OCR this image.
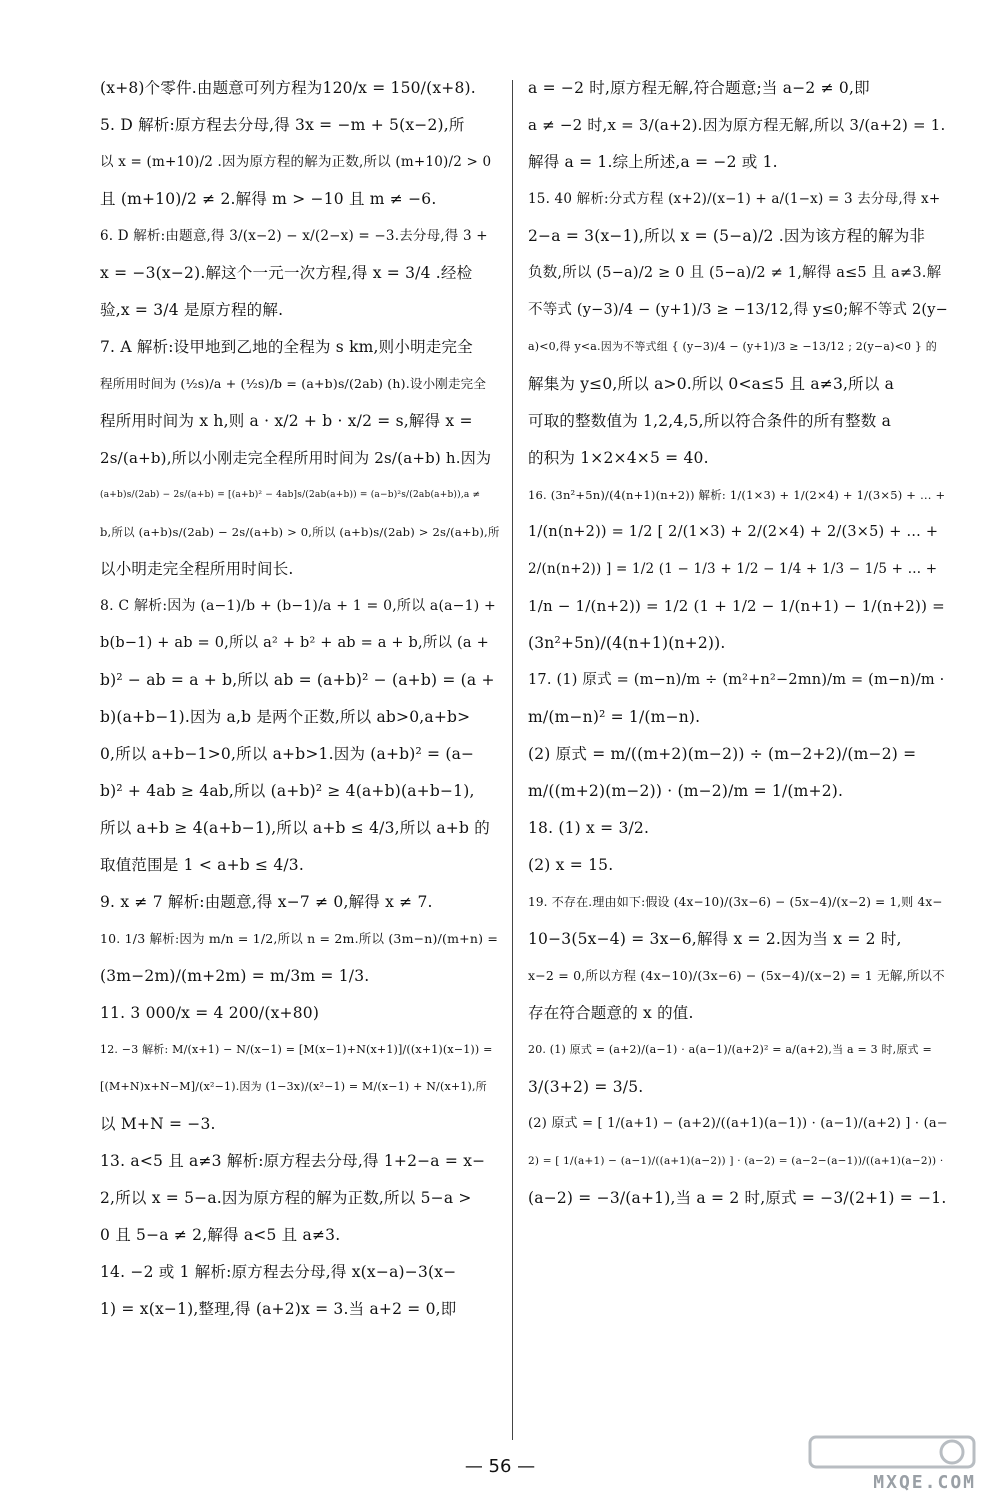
(x+8)个零件.由题意可列方程为120/x = 150/(x+8).
5. D 解析:原方程去分母,得 3x = −m + 5(x−2),所
以 x = (m+10)/2 .因为原方程的解为正数,所以 (m+10)/2 > 0
且 (m+10)/2 ≠ 2.解得 m > −10 且 m ≠ −6.
6. D 解析:由题意,得 3/(x−2) − x/(2−x) = −3.去分母,得 3 +
x = −3(x−2).解这个一元一次方程,得 x = 3/4 .经检
验,x = 3/4 是原方程的解.
7. A 解析:设甲地到乙地的全程为 s km,则小明走完全
程所用时间为 (½s)/a + (½s)/b = (a+b)s/(2ab) (h).设小刚走完全
程所用时间为 x h,则 a · x/2 + b · x/2 = s,解得 x =
2s/(a+b),所以小刚走完全程所用时间为 2s/(a+b) h.因为
(a+b)s/(2ab) − 2s/(a+b) = [(a+b)² − 4ab]s/(2ab(a+b)) = (a−b)²s/(2ab(a+b)),a ≠
b,所以 (a+b)s/(2ab) − 2s/(a+b) > 0,所以 (a+b)s/(2ab) > 2s/(a+b),所
以小明走完全程所用时间长.
8. C 解析:因为 (a−1)/b + (b−1)/a + 1 = 0,所以 a(a−1) +
b(b−1) + ab = 0,所以 a² + b² + ab = a + b,所以 (a +
b)² − ab = a + b,所以 ab = (a+b)² − (a+b) = (a +
b)(a+b−1).因为 a,b 是两个正数,所以 ab>0,a+b>
0,所以 a+b−1>0,所以 a+b>1.因为 (a+b)² = (a−
b)² + 4ab ≥ 4ab,所以 (a+b)² ≥ 4(a+b)(a+b−1),
所以 a+b ≥ 4(a+b−1),所以 a+b ≤ 4/3,所以 a+b 的
取值范围是 1 < a+b ≤ 4/3.
9. x ≠ 7 解析:由题意,得 x−7 ≠ 0,解得 x ≠ 7.
10. 1/3 解析:因为 m/n = 1/2,所以 n = 2m.所以 (3m−n)/(m+n) =
(3m−2m)/(m+2m) = m/3m = 1/3.
11. 3 000/x = 4 200/(x+80)
12. −3 解析: M/(x+1) − N/(x−1) = [M(x−1)+N(x+1)]/((x+1)(x−1)) =
[(M+N)x+N−M]/(x²−1).因为 (1−3x)/(x²−1) = M/(x−1) + N/(x+1),所
以 M+N = −3.
13. a<5 且 a≠3 解析:原方程去分母,得 1+2−a = x−
2,所以 x = 5−a.因为原方程的解为正数,所以 5−a >
0 且 5−a ≠ 2,解得 a<5 且 a≠3.
14. −2 或 1 解析:原方程去分母,得 x(x−a)−3(x−
1) = x(x−1),整理,得 (a+2)x = 3.当 a+2 = 0,即
a = −2 时,原方程无解,符合题意;当 a−2 ≠ 0,即
a ≠ −2 时,x = 3/(a+2).因为原方程无解,所以 3/(a+2) = 1.
解得 a = 1.综上所述,a = −2 或 1.
15. 40 解析:分式方程 (x+2)/(x−1) + a/(1−x) = 3 去分母,得 x+
2−a = 3(x−1),所以 x = (5−a)/2 .因为该方程的解为非
负数,所以 (5−a)/2 ≥ 0 且 (5−a)/2 ≠ 1,解得 a≤5 且 a≠3.解
不等式 (y−3)/4 − (y+1)/3 ≥ −13/12,得 y≤0;解不等式 2(y−
a)<0,得 y<a.因为不等式组 { (y−3)/4 − (y+1)/3 ≥ −13/12 ; 2(y−a)<0 } 的
解集为 y≤0,所以 a>0.所以 0<a≤5 且 a≠3,所以 a
可取的整数值为 1,2,4,5,所以符合条件的所有整数 a
的积为 1×2×4×5 = 40.
16. (3n²+5n)/(4(n+1)(n+2)) 解析: 1/(1×3) + 1/(2×4) + 1/(3×5) + … +
1/(n(n+2)) = 1/2 [ 2/(1×3) + 2/(2×4) + 2/(3×5) + … +
2/(n(n+2)) ] = 1/2 (1 − 1/3 + 1/2 − 1/4 + 1/3 − 1/5 + … +
1/n − 1/(n+2)) = 1/2 (1 + 1/2 − 1/(n+1) − 1/(n+2)) =
(3n²+5n)/(4(n+1)(n+2)).
17. (1) 原式 = (m−n)/m ÷ (m²+n²−2mn)/m = (m−n)/m ·
m/(m−n)² = 1/(m−n).
(2) 原式 = m/((m+2)(m−2)) ÷ (m−2+2)/(m−2) =
m/((m+2)(m−2)) · (m−2)/m = 1/(m+2).
18. (1) x = 3/2.
(2) x = 15.
19. 不存在.理由如下:假设 (4x−10)/(3x−6) − (5x−4)/(x−2) = 1,则 4x−
10−3(5x−4) = 3x−6,解得 x = 2.因为当 x = 2 时,
x−2 = 0,所以方程 (4x−10)/(3x−6) − (5x−4)/(x−2) = 1 无解,所以不
存在符合题意的 x 的值.
20. (1) 原式 = (a+2)/(a−1) · a(a−1)/(a+2)² = a/(a+2),当 a = 3 时,原式 =
3/(3+2) = 3/5.
(2) 原式 = [ 1/(a+1) − (a+2)/((a+1)(a−1)) · (a−1)/(a+2) ] · (a−
2) = [ 1/(a+1) − (a−1)/((a+1)(a−2)) ] · (a−2) = (a−2−(a−1))/((a+1)(a−2)) ·
(a−2) = −3/(a+1),当 a = 2 时,原式 = −3/(2+1) = −1.
— 56 —
MXQE.COM
